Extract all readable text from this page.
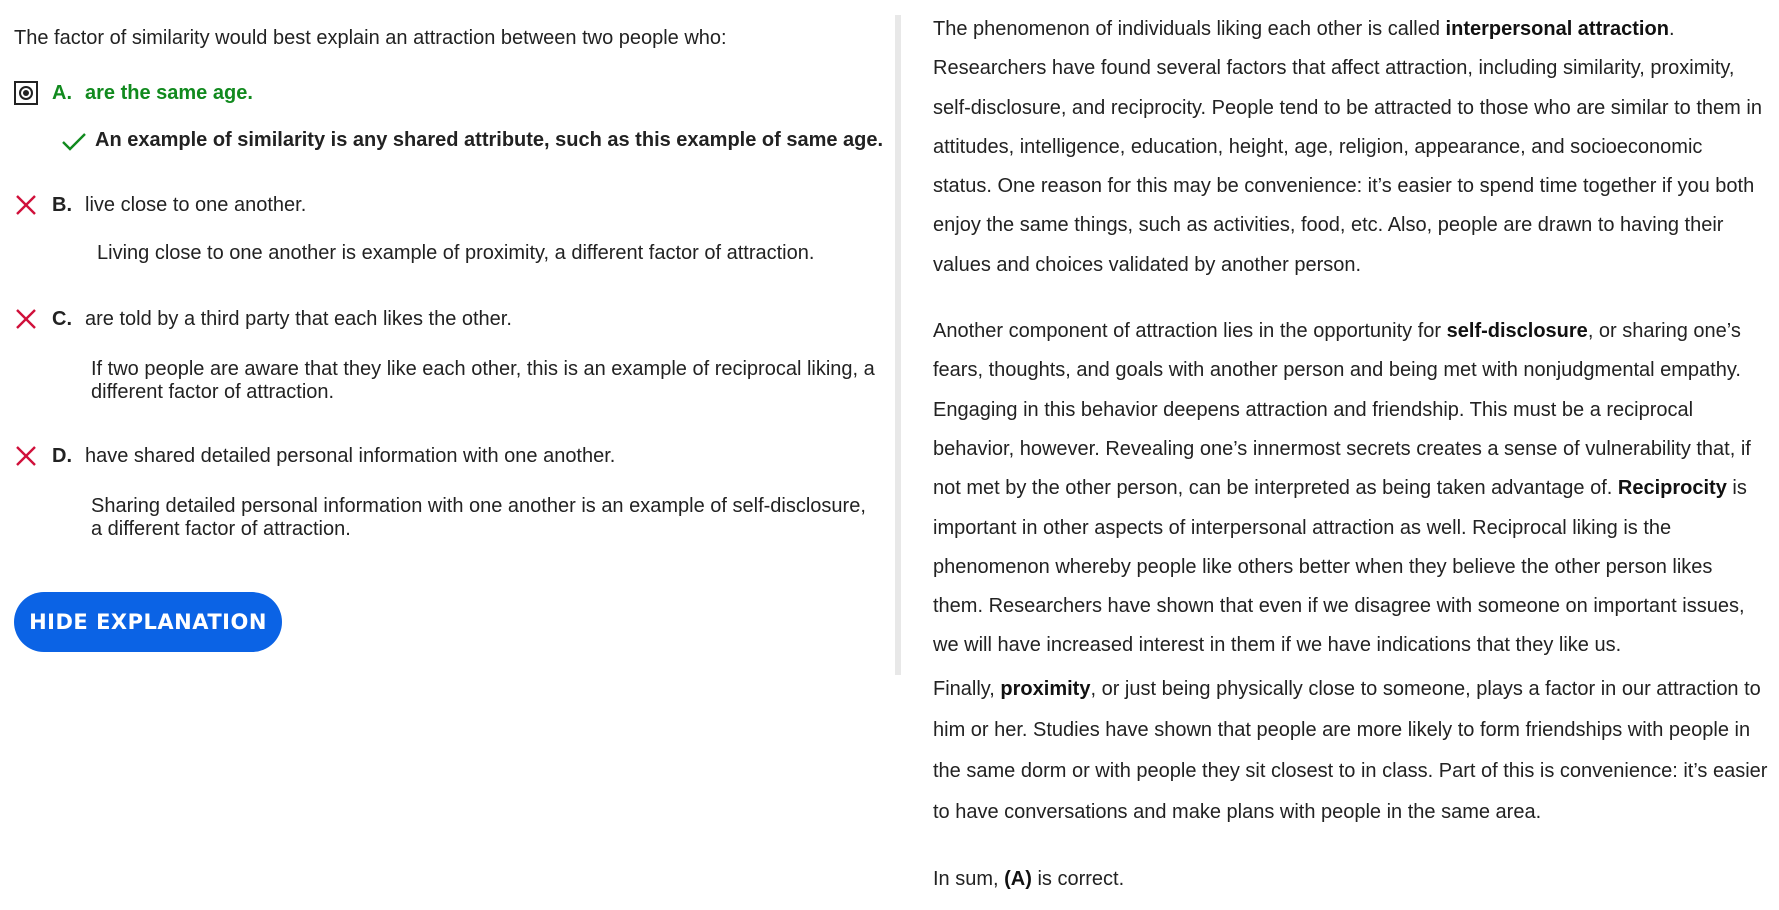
The factor of similarity would best explain an attraction between two people who:
A. are the same age.
An example of similarity is any shared attribute, such as this example of same age.
B. live close to one another.
Living close to one another is example of proximity, a different factor of attraction.
C. are told by a third party that each likes the other.
If two people are aware that they like each other, this is an example of reciprocal liking, a different factor of attraction.
D. have shared detailed personal information with one another.
Sharing detailed personal information with one another is an example of self-disclosure, a different factor of attraction.
HIDE EXPLANATION

The phenomenon of individuals liking each other is called interpersonal attraction. Researchers have found several factors that affect attraction, including similarity, proximity, self-disclosure, and reciprocity. People tend to be attracted to those who are similar to them in attitudes, intelligence, education, height, age, religion, appearance, and socioeconomic status. One reason for this may be convenience: it’s easier to spend time together if you both enjoy the same things, such as activities, food, etc. Also, people are drawn to having their values and choices validated by another person.

Another component of attraction lies in the opportunity for self-disclosure, or sharing one’s fears, thoughts, and goals with another person and being met with nonjudgmental empathy. Engaging in this behavior deepens attraction and friendship. This must be a reciprocal behavior, however. Revealing one’s innermost secrets creates a sense of vulnerability that, if not met by the other person, can be interpreted as being taken advantage of. Reciprocity is important in other aspects of interpersonal attraction as well. Reciprocal liking is the phenomenon whereby people like others better when they believe the other person likes them. Researchers have shown that even if we disagree with someone on important issues, we will have increased interest in them if we have indications that they like us.

Finally, proximity, or just being physically close to someone, plays a factor in our attraction to him or her. Studies have shown that people are more likely to form friendships with people in the same dorm or with people they sit closest to in class. Part of this is convenience: it’s easier to have conversations and make plans with people in the same area.

In sum, (A) is correct.
